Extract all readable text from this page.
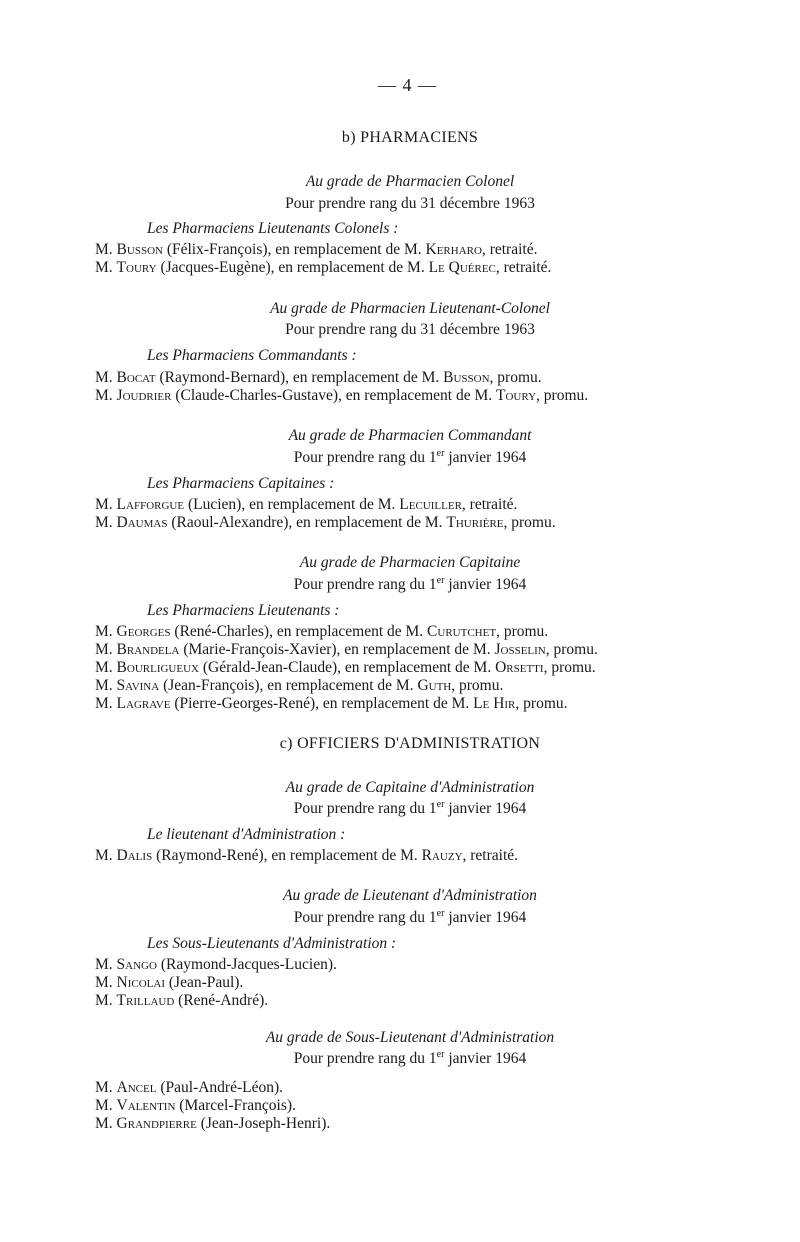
— 4 —
b) PHARMACIENS
Au grade de Pharmacien Colonel
Pour prendre rang du 31 décembre 1963
Les Pharmaciens Lieutenants Colonels :
M. Busson (Félix-François), en remplacement de M. Kerharo, retraité.
M. Toury (Jacques-Eugène), en remplacement de M. Le Quérec, retraité.
Au grade de Pharmacien Lieutenant-Colonel
Pour prendre rang du 31 décembre 1963
Les Pharmaciens Commandants :
M. Bocat (Raymond-Bernard), en remplacement de M. Busson, promu.
M. Joudrier (Claude-Charles-Gustave), en remplacement de M. Toury, promu.
Au grade de Pharmacien Commandant
Pour prendre rang du 1er janvier 1964
Les Pharmaciens Capitaines :
M. Lafforgue (Lucien), en remplacement de M. Lecuiller, retraité.
M. Daumas (Raoul-Alexandre), en remplacement de M. Thurière, promu.
Au grade de Pharmacien Capitaine
Pour prendre rang du 1er janvier 1964
Les Pharmaciens Lieutenants :
M. Georges (René-Charles), en remplacement de M. Curutchet, promu.
M. Brandela (Marie-François-Xavier), en remplacement de M. Josselin, promu.
M. Bourligueux (Gérald-Jean-Claude), en remplacement de M. Orsetti, promu.
M. Savina (Jean-François), en remplacement de M. Guth, promu.
M. Lagrave (Pierre-Georges-René), en remplacement de M. Le Hir, promu.
c) OFFICIERS D'ADMINISTRATION
Au grade de Capitaine d'Administration
Pour prendre rang du 1er janvier 1964
Le lieutenant d'Administration :
M. Dalis (Raymond-René), en remplacement de M. Rauzy, retraité.
Au grade de Lieutenant d'Administration
Pour prendre rang du 1er janvier 1964
Les Sous-Lieutenants d'Administration :
M. Sango (Raymond-Jacques-Lucien).
M. Nicolai (Jean-Paul).
M. Trillaud (René-André).
Au grade de Sous-Lieutenant d'Administration
Pour prendre rang du 1er janvier 1964
M. Ancel (Paul-André-Léon).
M. Valentin (Marcel-François).
M. Grandpierre (Jean-Joseph-Henri).
